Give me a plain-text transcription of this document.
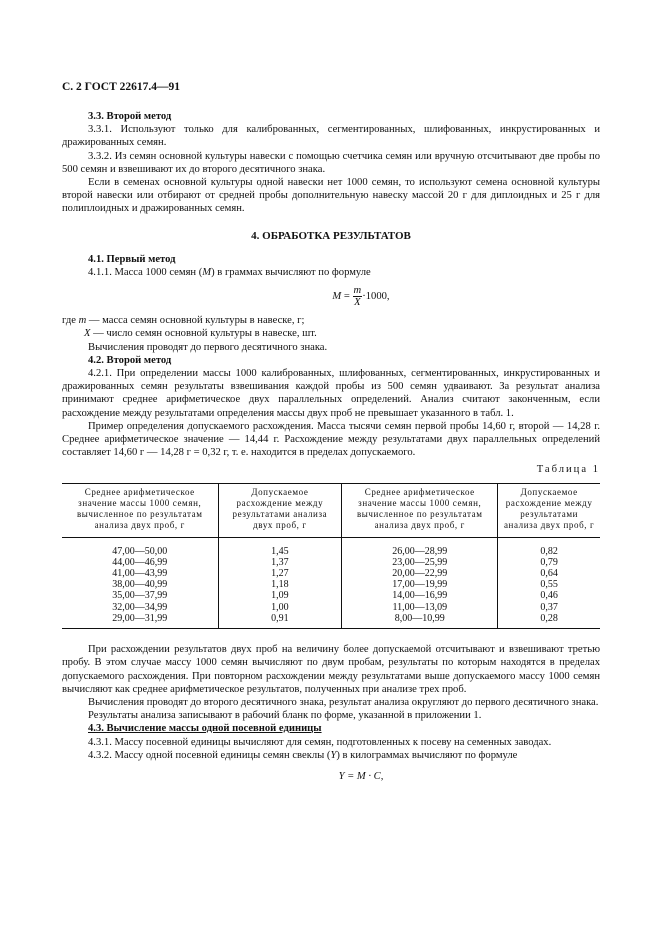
С. 2 ГОСТ 22617.4—91

3.3. Второй метод

3.3.1. Используют только для калиброванных, сегментированных, шлифованных, инкрустированных и дражированных семян.

3.3.2. Из семян основной культуры навески с помощью счетчика семян или вручную отсчитывают две пробы по 500 семян и взвешивают их до второго десятичного знака.

Если в семенах основной культуры одной навески нет 1000 семян, то используют семена основной культуры второй навески или отбирают от средней пробы дополнительную навеску массой 20 г для диплоидных и 25 г для полиплоидных и дражированных семян.

4. ОБРАБОТКА РЕЗУЛЬТАТОВ

4.1. Первый метод

4.1.1. Масса 1000 семян (M) в граммах вычисляют по формуле

$M = \frac{m}{X} \cdot 1000$,

где m — масса семян основной культуры в навеске, г;

X — число семян основной культуры в навеске, шт.

Вычисления проводят до первого десятичного знака.

4.2. Второй метод

4.2.1. При определении массы 1000 калиброванных, шлифованных, сегментированных, инкрустированных и дражированных семян результаты взвешивания каждой пробы из 500 семян удваивают. За результат анализа принимают среднее арифметическое двух параллельных определений. Анализ считают законченным, если расхождение между результатами определения массы двух проб не превышает указанного в табл. 1.

Пример определения допускаемого расхождения. Масса тысячи семян первой пробы 14,60 г, второй — 14,28 г. Среднее арифметическое значение — 14,44 г. Расхождение между результатами двух параллельных определений составляет 14,60 г — 14,28 г = 0,32 г, т. е. находится в пределах допускаемого.

Таблица 1
Среднее арифметическое значение массы 1000 семян, вычисленное по результатам анализа двух проб, г	Допускаемое расхождение между результатами анализа двух проб, г	Среднее арифметическое значение массы 1000 семян, вычисленное по результатам анализа двух проб, г	Допускаемое расхождение между результатами анализа двух проб, г
47,00—50,00	1,45	26,00—28,99	0,82
44,00—46,99	1,37	23,00—25,99	0,79
41,00—43,99	1,27	20,00—22,99	0,64
38,00—40,99	1,18	17,00—19,99	0,55
35,00—37,99	1,09	14,00—16,99	0,46
32,00—34,99	1,00	11,00—13,09	0,37
29,00—31,99	0,91	8,00—10,99	0,28

При расхождении результатов двух проб на величину более допускаемой отсчитывают и взвешивают третью пробу. В этом случае массу 1000 семян вычисляют по двум пробам, результаты по которым находятся в пределах допускаемого расхождения. При повторном расхождении между результатами выше допускаемого массу 1000 семян вычисляют как среднее арифметическое результатов, полученных при анализе трех проб.

Вычисления проводят до второго десятичного знака, результат анализа округляют до первого десятичного знака.

Результаты анализа записывают в рабочий бланк по форме, указанной в приложении 1.

4.3. Вычисление массы одной посевной единицы

4.3.1. Массу посевной единицы вычисляют для семян, подготовленных к посеву на семенных заводах.

4.3.2. Массу одной посевной единицы семян свеклы (Y) в килограммах вычисляют по формуле

Y = M · C,
